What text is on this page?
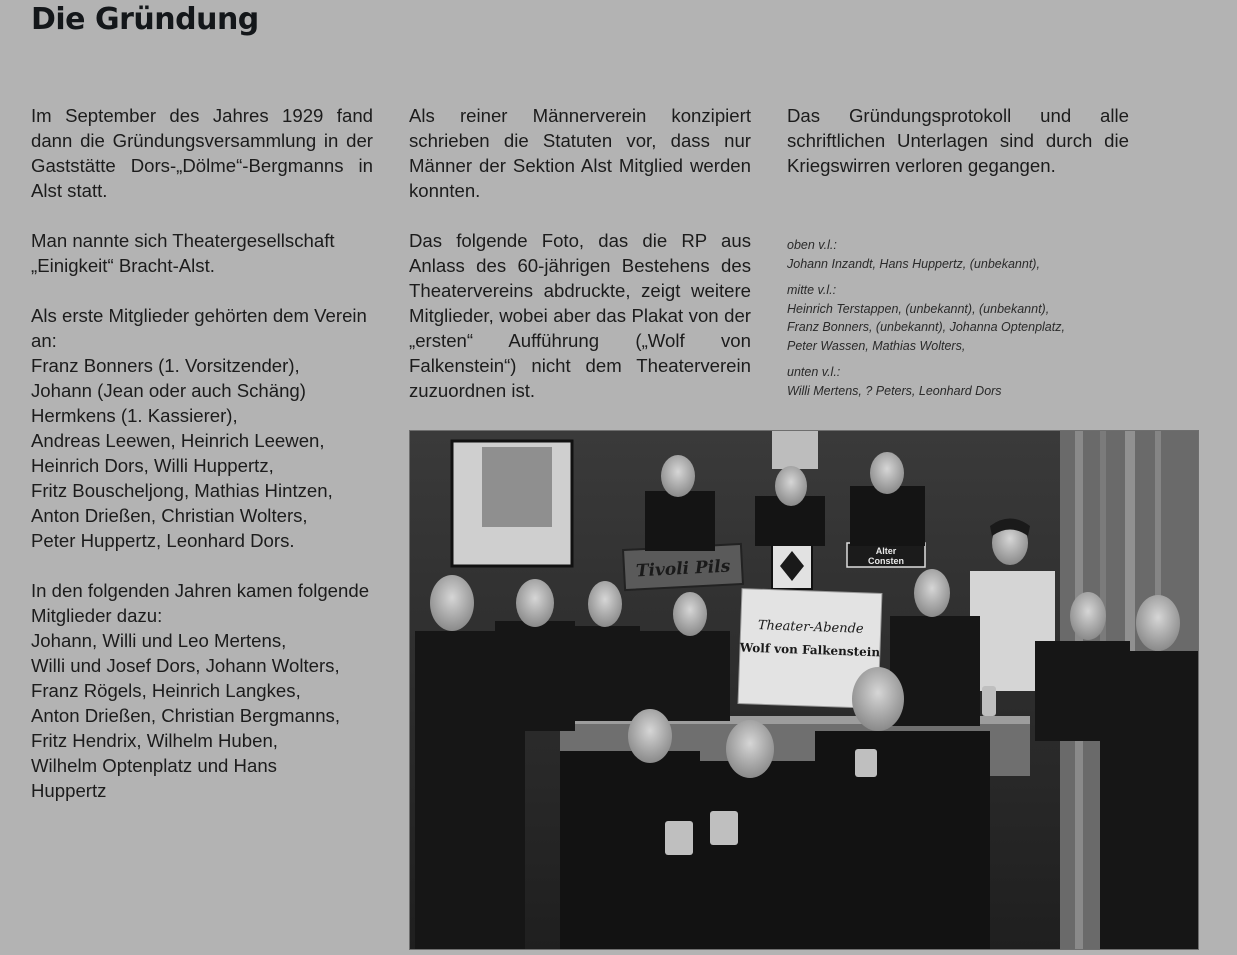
Die Gründung

Im September des Jahres 1929 fand dann die Gründungsversammlung in der Gaststätte Dors-„Dölme“-Bergmanns in Alst statt.

Man nannte sich Theatergesellschaft „Einigkeit“ Bracht-Alst.

Als erste Mitglieder gehörten dem Verein an:
Franz Bonners (1. Vorsitzender),
Johann (Jean oder auch Schäng)
Hermkens (1. Kassierer),
Andreas Leewen, Heinrich Leewen,
Heinrich Dors, Willi Huppertz,
Fritz Bouscheljong, Mathias Hintzen,
Anton Drießen, Christian Wolters,
Peter Huppertz, Leonhard Dors.
In den folgenden Jahren kamen folgende Mitglieder dazu:
Johann, Willi und Leo Mertens,
Willi und Josef Dors, Johann Wolters,
Franz Rögels, Heinrich Langkes,
Anton Drießen, Christian Bergmanns,
Fritz Hendrix, Wilhelm Huben,
Wilhelm Optenplatz und Hans
Huppertz

Als reiner Männerverein konzipiert schrieben die Statuten vor, dass nur Männer der Sektion Alst Mitglied werden konnten.

Das folgende Foto, das die RP aus Anlass des 60-jährigen Bestehens des Theatervereins abdruckte, zeigt weitere Mitglieder, wobei aber das Plakat von der „ersten“ Aufführung („Wolf von Falkenstein“) nicht dem Theaterverein zuzuordnen ist.

Das Gründungsprotokoll und alle schriftlichen Unterlagen sind durch die Kriegswirren verloren gegangen.

oben v.l.:
Johann Inzandt, Hans Huppertz, (unbekannt),
mitte v.l.:
Heinrich Terstappen, (unbekannt), (unbekannt),
Franz Bonners, (unbekannt), Johanna Optenplatz,
Peter Wassen, Mathias Wolters,
unten v.l.:
Willi Mertens, ? Peters, Leonhard Dors
Tivoli Pils
Alter
Consten
Theater-Abende
Wolf von Falkenstein
